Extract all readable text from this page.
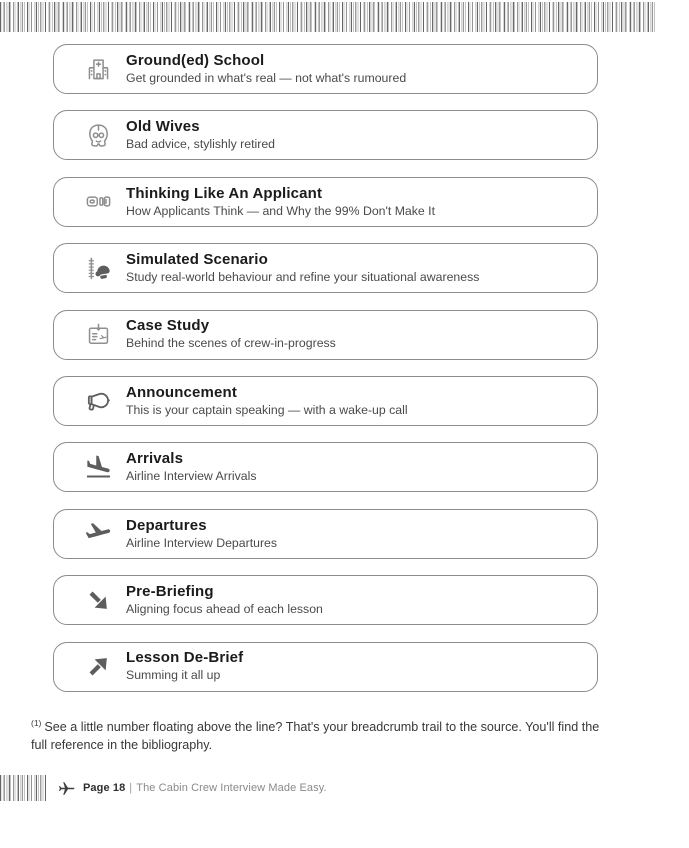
Ground(ed) School
Get grounded in what's real — not what's rumoured
Old Wives
Bad advice, stylishly retired
Thinking Like An Applicant
How Applicants Think — and Why the 99% Don't Make It
Simulated Scenario
Study real-world behaviour and refine your situational awareness
Case Study
Behind the scenes of crew-in-progress
Announcement
This is your captain speaking — with a wake-up call
Arrivals
Airline Interview Arrivals
Departures
Airline Interview Departures
Pre-Briefing
Aligning focus ahead of each lesson
Lesson De-Brief
Summing it all up

$^{(1)}$ See a little number floating above the line? That's your breadcrumb trail to the source. You'll find the full reference in the bibliography.

Page 18 | The Cabin Crew Interview Made Easy.
